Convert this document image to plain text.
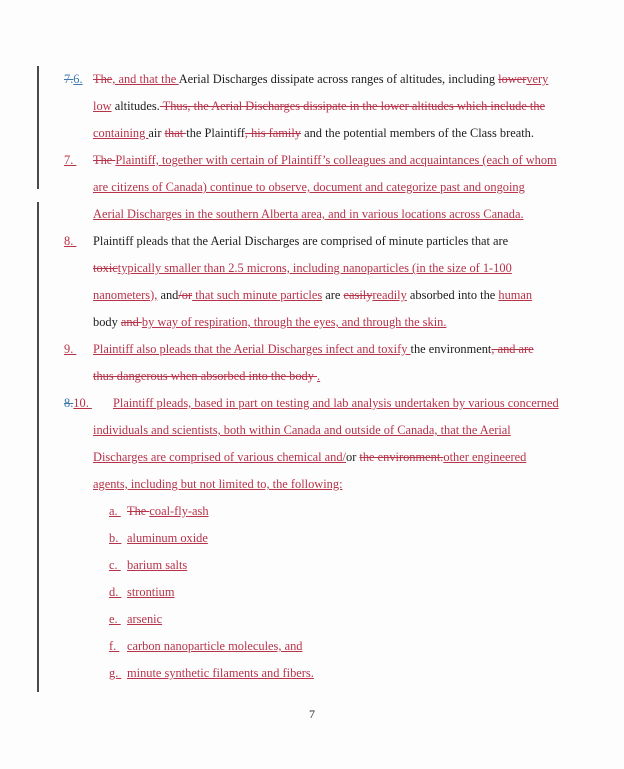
7.6. The, and that the Aerial Discharges dissipate across ranges of altitudes, including lowervery
low altitudes. Thus, the Aerial Discharges dissipate in the lower altitudes which include the
containing air that the Plaintiff, his family and the potential members of the Class breath.
7. The Plaintiff, together with certain of Plaintiff’s colleagues and acquaintances (each of whom
are citizens of Canada) continue to observe, document and categorize past and ongoing
Aerial Discharges in the southern Alberta area, and in various locations across Canada.
8. Plaintiff pleads that the Aerial Discharges are comprised of minute particles that are
toxictypically smaller than 2.5 microns, including nanoparticles (in the size of 1-100
nanometers), and/or that such minute particles are easilyreadily absorbed into the human
body and by way of respiration, through the eyes, and through the skin.
9. Plaintiff also pleads that the Aerial Discharges infect and toxify the environment, and are
thus dangerous when absorbed into the body .
8.10. Plaintiff pleads, based in part on testing and lab analysis undertaken by various concerned
individuals and scientists, both within Canada and outside of Canada, that the Aerial
Discharges are comprised of various chemical and/or the environment.other engineered
agents, including but not limited to, the following:
a. The coal-fly-ash
b. aluminum oxide
c. barium salts
d. strontium
e. arsenic
f. carbon nanoparticle molecules, and
g. minute synthetic filaments and fibers.
7
